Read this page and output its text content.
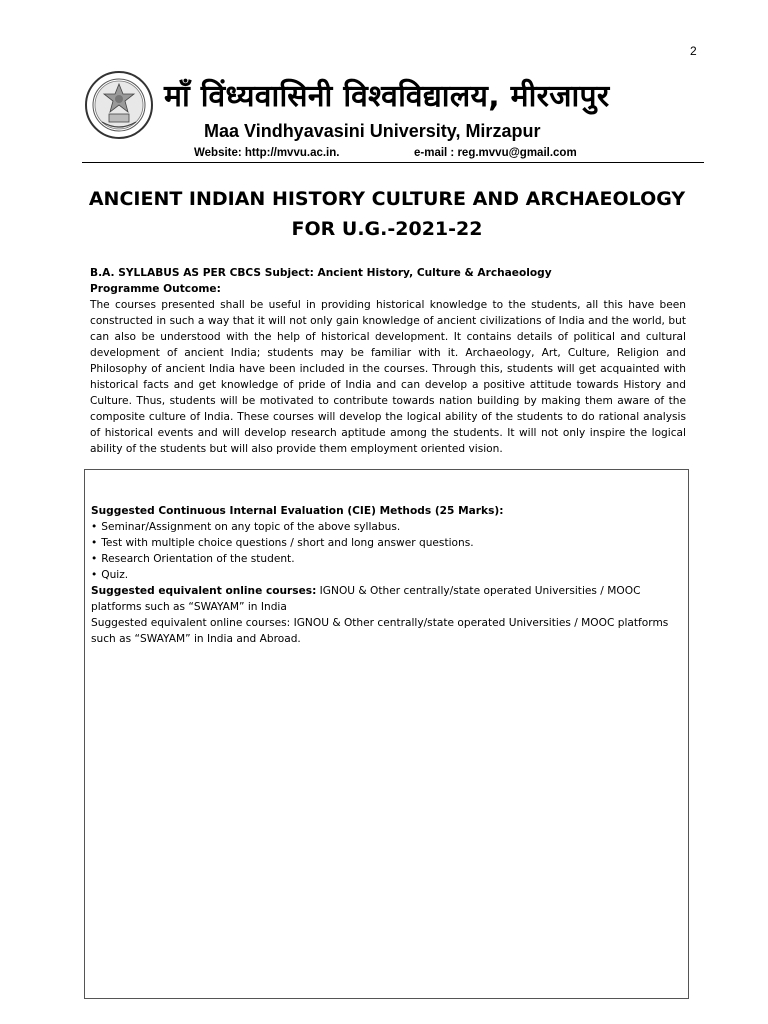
2
माँ विंध्यवासिनी विश्वविद्यालय, मीरजापुर
Maa Vindhyavasini University, Mirzapur
Website: http://mvvu.ac.in.	e-mail : reg.mvvu@gmail.com
ANCIENT INDIAN HISTORY CULTURE AND ARCHAEOLOGY
FOR U.G.-2021-22
B.A. SYLLABUS AS PER CBCS Subject: Ancient History, Culture & Archaeology
Programme Outcome:
The courses presented shall be useful in providing historical knowledge to the students, all this have been constructed in such a way that it will not only gain knowledge of ancient civilizations of India and the world, but can also be understood with the help of historical development. It contains details of political and cultural development of ancient India; students may be familiar with it. Archaeology, Art, Culture, Religion and Philosophy of ancient India have been included in the courses. Through this, students will get acquainted with historical facts and get knowledge of pride of India and can develop a positive attitude towards History and Culture. Thus, students will be motivated to contribute towards nation building by making them aware of the composite culture of India. These courses will develop the logical ability of the students to do rational analysis of historical events and will develop research aptitude among the students. It will not only inspire the logical ability of the students but will also provide them employment oriented vision.
Suggested Continuous Internal Evaluation (CIE) Methods (25 Marks):
• Seminar/Assignment on any topic of the above syllabus.
• Test with multiple choice questions / short and long answer questions.
• Research Orientation of the student.
• Quiz.
Suggested equivalent online courses: IGNOU & Other centrally/state operated Universities / MOOC platforms such as “SWAYAM” in India
Suggested equivalent online courses: IGNOU & Other centrally/state operated Universities / MOOC platforms such as “SWAYAM” in India and Abroad.
